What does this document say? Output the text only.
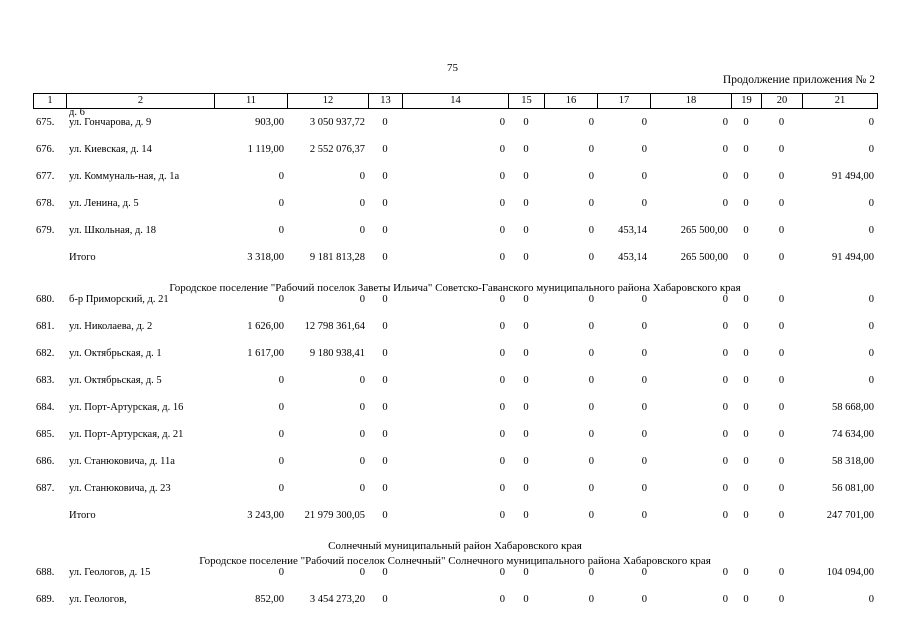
75
Продолжение приложения № 2
1	2	11	12	13	14	15	16	17	18	19	20	21
	д. 6											
675.	ул. Гончарова, д. 9	903,00	3 050 937,72	0	0	0	0	0	0	0	0	0
676.	ул. Киевская, д. 14	1 119,00	2 552 076,37	0	0	0	0	0	0	0	0	0
677.	ул. Коммуналь-ная, д. 1а	0	0	0	0	0	0	0	0	0	0	91 494,00
678.	ул. Ленина, д. 5	0	0	0	0	0	0	0	0	0	0	0
679.	ул. Школьная, д. 18	0	0	0	0	0	0	453,14	265 500,00	0	0	0
	Итого	3 318,00	9 181 813,28	0	0	0	0	453,14	265 500,00	0	0	91 494,00
Городское поселение "Рабочий поселок Заветы Ильича" Советско-Гаванского муниципального района Хабаровского края												
680.	б-р Приморский, д. 21	0	0	0	0	0	0	0	0	0	0	0
681.	ул. Николаева, д. 2	1 626,00	12 798 361,64	0	0	0	0	0	0	0	0	0
682.	ул. Октябрьская, д. 1	1 617,00	9 180 938,41	0	0	0	0	0	0	0	0	0
683.	ул. Октябрьская, д. 5	0	0	0	0	0	0	0	0	0	0	0
684.	ул. Порт-Артурская, д. 16	0	0	0	0	0	0	0	0	0	0	58 668,00
685.	ул. Порт-Артурская, д. 21	0	0	0	0	0	0	0	0	0	0	74 634,00
686.	ул. Станюковича, д. 11а	0	0	0	0	0	0	0	0	0	0	58 318,00
687.	ул. Станюковича, д. 23	0	0	0	0	0	0	0	0	0	0	56 081,00
	Итого	3 243,00	21 979 300,05	0	0	0	0	0	0	0	0	247 701,00
Солнечный муниципальный район Хабаровского края												
Городское поселение "Рабочий поселок Солнечный" Солнечного муниципального района Хабаровского края												
688.	ул. Геологов, д. 15	0	0	0	0	0	0	0	0	0	0	104 094,00
689.	ул. Геологов,	852,00	3 454 273,20	0	0	0	0	0	0	0	0	0
